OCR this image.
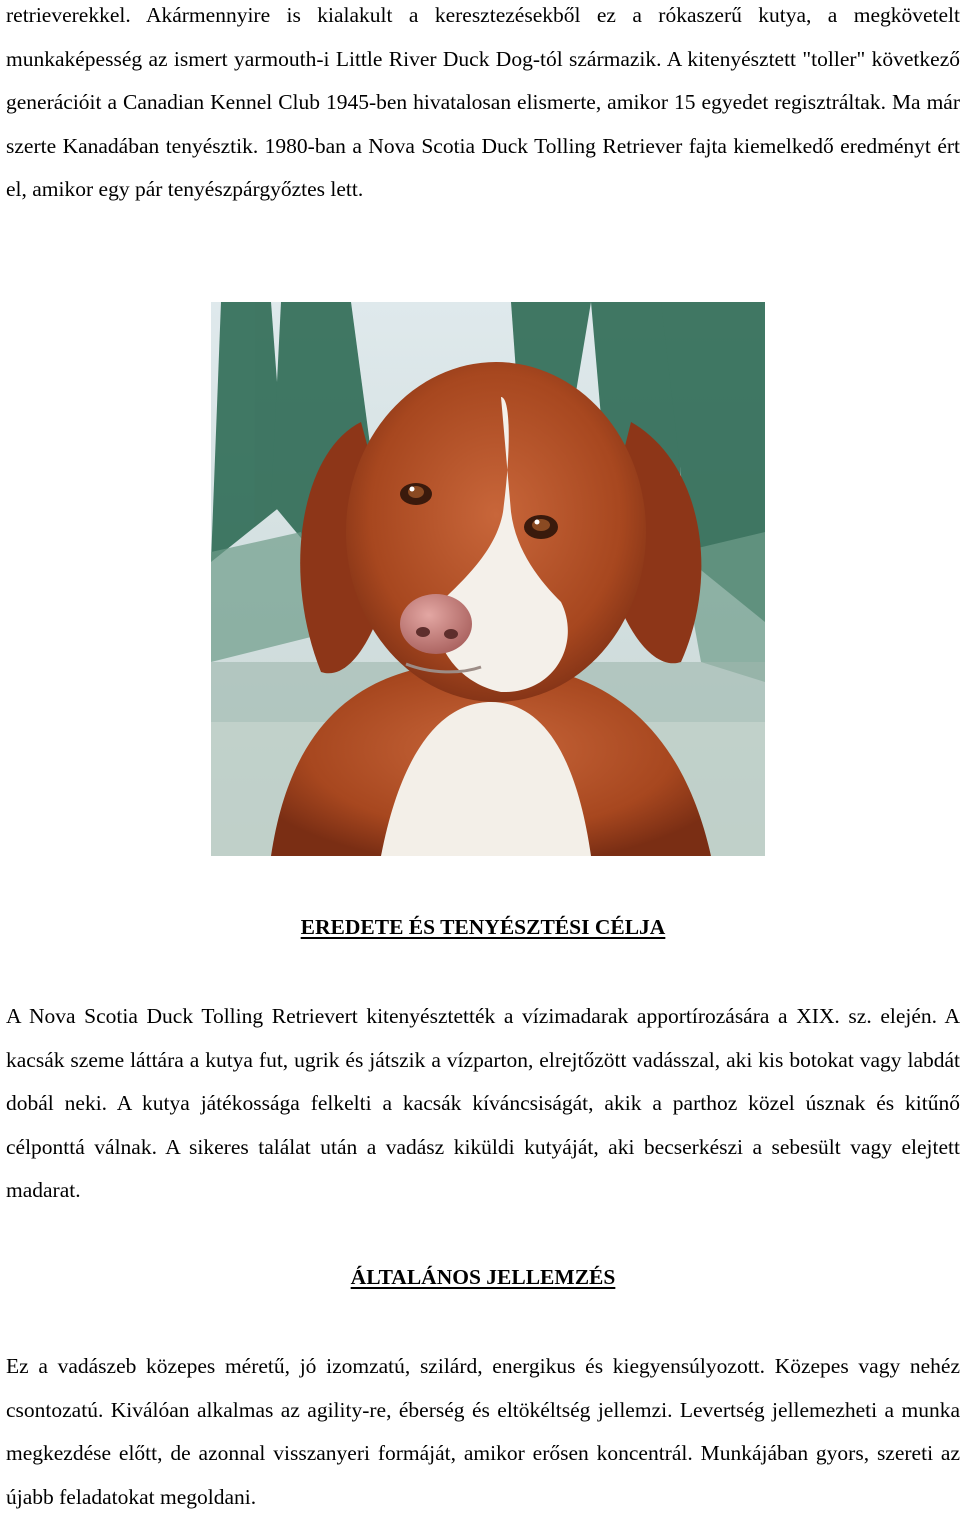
retrieverekkel. Akármennyire is kialakult a keresztezésekből ez a rókaszerű kutya, a megkövetelt munkaképesség az ismert yarmouth-i Little River Duck Dog-tól származik. A kitenyésztett "toller" következő generációit a Canadian Kennel Club 1945-ben hivatalosan elismerte, amikor 15 egyedet regisztráltak. Ma már szerte Kanadában tenyésztik. 1980-ban a Nova Scotia Duck Tolling Retriever fajta kiemelkedő eredményt ért el, amikor egy pár tenyészpárgyőztes lett.

EREDETE ÉS TENYÉSZTÉSI CÉLJA

A Nova Scotia Duck Tolling Retrievert kitenyésztették a vízimadarak apportírozására a XIX. sz. elején. A kacsák szeme láttára a kutya fut, ugrik és játszik a vízparton, elrejtőzött vadásszal, aki kis botokat vagy labdát dobál neki. A kutya játékossága felkelti a kacsák kíváncsiságát, akik a parthoz közel úsznak és kitűnő célponttá válnak. A sikeres találat után a vadász kiküldi kutyáját, aki becserkészi a sebesült vagy elejtett madarat.

ÁLTALÁNOS JELLEMZÉS

Ez a vadászeb közepes méretű, jó izomzatú, szilárd, energikus és kiegyensúlyozott. Közepes vagy nehéz csontozatú. Kiválóan alkalmas az agility-re, éberség és eltökéltség jellemzi. Levertség jellemezheti a munka megkezdése előtt, de azonnal visszanyeri formáját, amikor erősen koncentrál. Munkájában gyors, szereti az újabb feladatokat megoldani.
